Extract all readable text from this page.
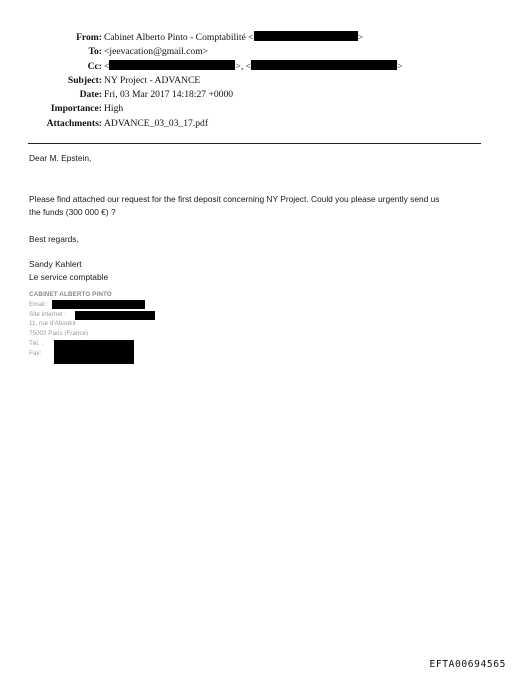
From: Cabinet Alberto Pinto - Comptabilité <	>
To: <jeevacation@gmail.com>
Cc: <	>, <	>
Subject: NY Project - ADVANCE
Date: Fri, 03 Mar 2017 14:18:27 +0000
Importance: High
Attachments: ADVANCE_03_03_17.pdf
Dear M. Epstein,
Please find attached our request for the first deposit concerning NY Project. Could you please urgently send us
the funds (300 000 €) ?
Best regards,
Sandy Kahlert
Le service comptable
CABINET ALBERTO PINTO
Email :
Site internet :
11, rue d'Aboukir
75002 Paris (France)
Tél. :
Fax:
EFTA00694565
